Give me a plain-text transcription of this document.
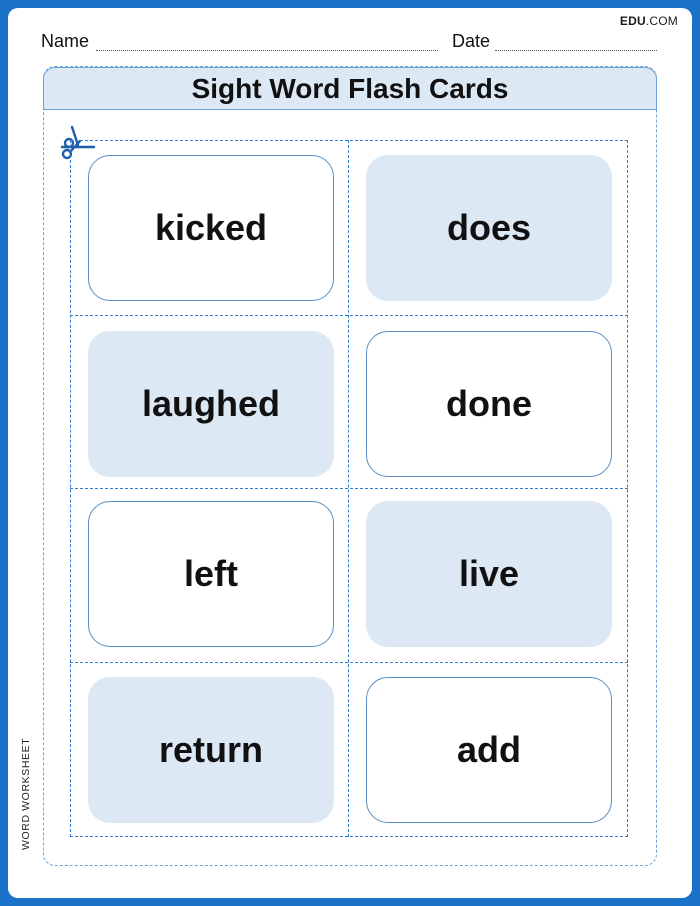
EDU.COM
Name	Date
Sight Word Flash Cards
kicked	does
laughed	done
left	live
return	add
WORD WORKSHEET
